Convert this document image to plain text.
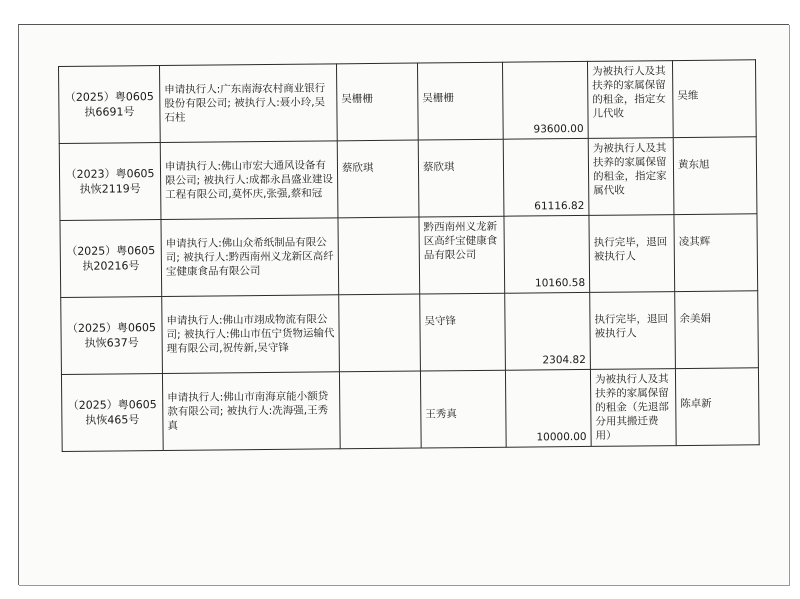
（2025）粤0605执6691号	申请执行人:广东南海农村商业银行股份有限公司; 被执行人:聂小玲,吴石柱	吴栅栅	吴栅栅	93600.00	为被执行人及其扶养的家属保留的租金，指定女儿代收	吴维

（2023）粤0605执恢2119号	申请执行人:佛山市宏大通风设备有限公司; 被执行人:成都永昌盛业建设工程有限公司,莫怀庆,张强,蔡和冠	蔡欣琪	蔡欣琪	61116.82	为被执行人及其扶养的家属保留的租金，指定家属代收	黄东旭

（2025）粤0605执20216号	申请执行人:佛山众希纸制品有限公司; 被执行人:黔西南州义龙新区高纤宝健康食品有限公司		黔西南州义龙新区高纤宝健康食品有限公司	10160.58	执行完毕，退回被执行人	凌其辉

（2025）粤0605执恢637号	申请执行人:佛山市翊成物流有限公司; 被执行人:佛山市伍宁货物运输代理有限公司,祝传新,吴守锋		吴守锋	2304.82	执行完毕，退回被执行人	余美娟

（2025）粤0605执恢465号	申请执行人:佛山市南海京能小额贷款有限公司; 被执行人:冼海强,王秀真		王秀真	10000.00	为被执行人及其扶养的家属保留的租金（先退部分用其搬迁费用）	陈卓新
